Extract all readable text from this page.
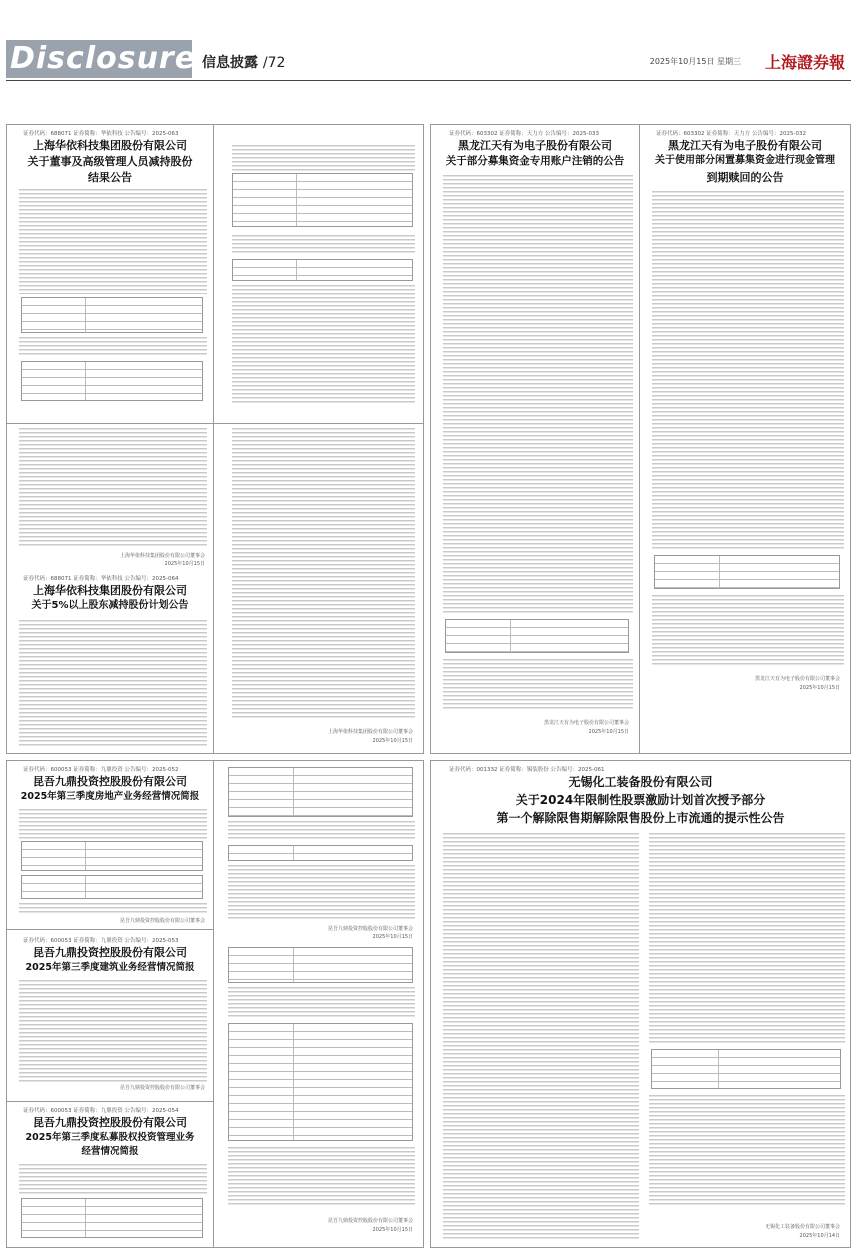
Disclosure 信息披露 /72	2025年10月15日 星期三 上海證券報
证券代码：688071 证券简称：华依科技 公告编号：2025-063
上海华依科技集团股份有限公司
关于董事及高级管理人员减持股份
结果公告
上海华依科技集团股份有限公司董事会
2025年10月15日
证券代码：688071 证券简称：华依科技 公告编号：2025-064
上海华依科技集团股份有限公司
关于5%以上股东减持股份计划公告
上海华依科技集团股份有限公司董事会
2025年10月15日
证券代码：603302 证券简称：天力方 公告编号：2025-033
黑龙江天有为电子股份有限公司
关于部分募集资金专用账户注销的公告
黑龙江天有为电子股份有限公司董事会
2025年10月15日
证券代码：603302 证券简称：天力方 公告编号：2025-032
黑龙江天有为电子股份有限公司
关于使用部分闲置募集资金进行现金管理
到期赎回的公告
黑龙江天有为电子股份有限公司董事会
2025年10月15日
证券代码：600053 证券简称：九鼎投资 公告编号：2025-052
昆吾九鼎投资控股股份有限公司
2025年第三季度房地产业务经营情况简报
昆吾九鼎投资控股股份有限公司董事会
证券代码：600053 证券简称：九鼎投资 公告编号：2025-053
昆吾九鼎投资控股股份有限公司
2025年第三季度建筑业务经营情况简报
昆吾九鼎投资控股股份有限公司董事会
证券代码：600053 证券简称：九鼎投资 公告编号：2025-054
昆吾九鼎投资控股股份有限公司
2025年第三季度私募股权投资管理业务
经营情况简报
昆吾九鼎投资控股股份有限公司董事会
2025年10月15日
昆吾九鼎投资控股股份有限公司董事会
2025年10月15日
证券代码：001332 证券简称：锡装股份 公告编号：2025-061
无锡化工装备股份有限公司
关于2024年限制性股票激励计划首次授予部分
第一个解除限售期解除限售股份上市流通的提示性公告
无锡化工装备股份有限公司董事会
2025年10月14日
